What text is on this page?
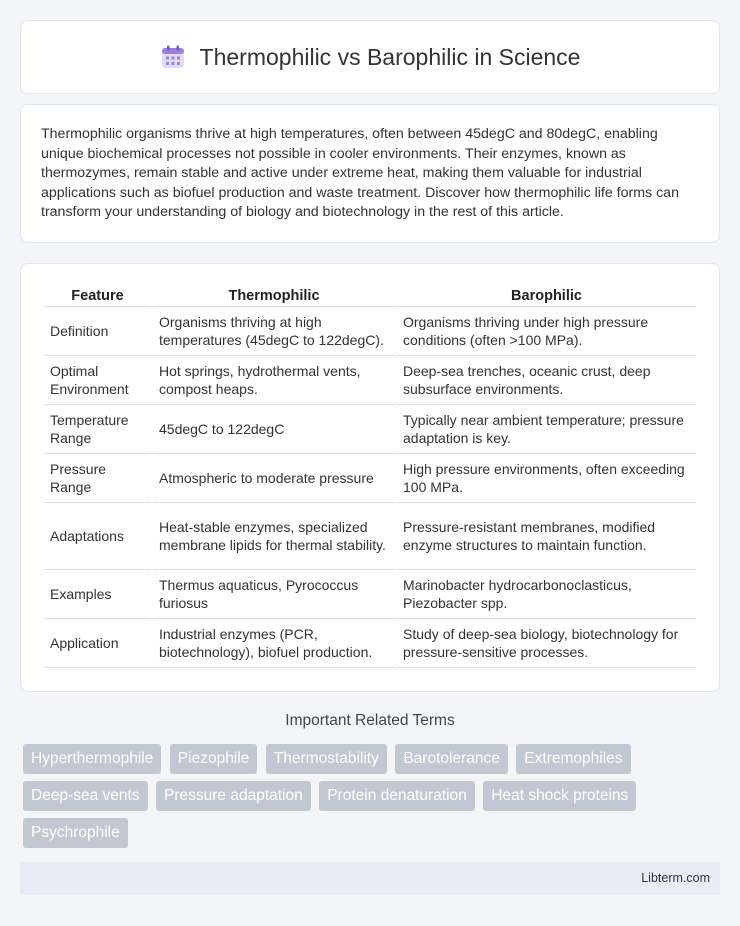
Thermophilic vs Barophilic in Science

Thermophilic organisms thrive at high temperatures, often between 45degC and 80degC, enabling unique biochemical processes not possible in cooler environments. Their enzymes, known as thermozymes, remain stable and active under extreme heat, making them valuable for industrial applications such as biofuel production and waste treatment. Discover how thermophilic life forms can transform your understanding of biology and biotechnology in the rest of this article.

Feature	Thermophilic	Barophilic
Definition	Organisms thriving at high temperatures (45degC to 122degC).	Organisms thriving under high pressure conditions (often >100 MPa).
Optimal Environment	Hot springs, hydrothermal vents, compost heaps.	Deep-sea trenches, oceanic crust, deep subsurface environments.
Temperature Range	45degC to 122degC	Typically near ambient temperature; pressure adaptation is key.
Pressure Range	Atmospheric to moderate pressure	High pressure environments, often exceeding 100 MPa.
Adaptations	Heat-stable enzymes, specialized membrane lipids for thermal stability.	Pressure-resistant membranes, modified enzyme structures to maintain function.
Examples	Thermus aquaticus, Pyrococcus furiosus	Marinobacter hydrocarbonoclasticus, Piezobacter spp.
Application	Industrial enzymes (PCR, biotechnology), biofuel production.	Study of deep-sea biology, biotechnology for pressure-sensitive processes.
Important Related Terms
Hyperthermophile Piezophile Thermostability Barotolerance Extremophiles Deep-sea vents Pressure adaptation Protein denaturation Heat shock proteins Psychrophile
Libterm.com
